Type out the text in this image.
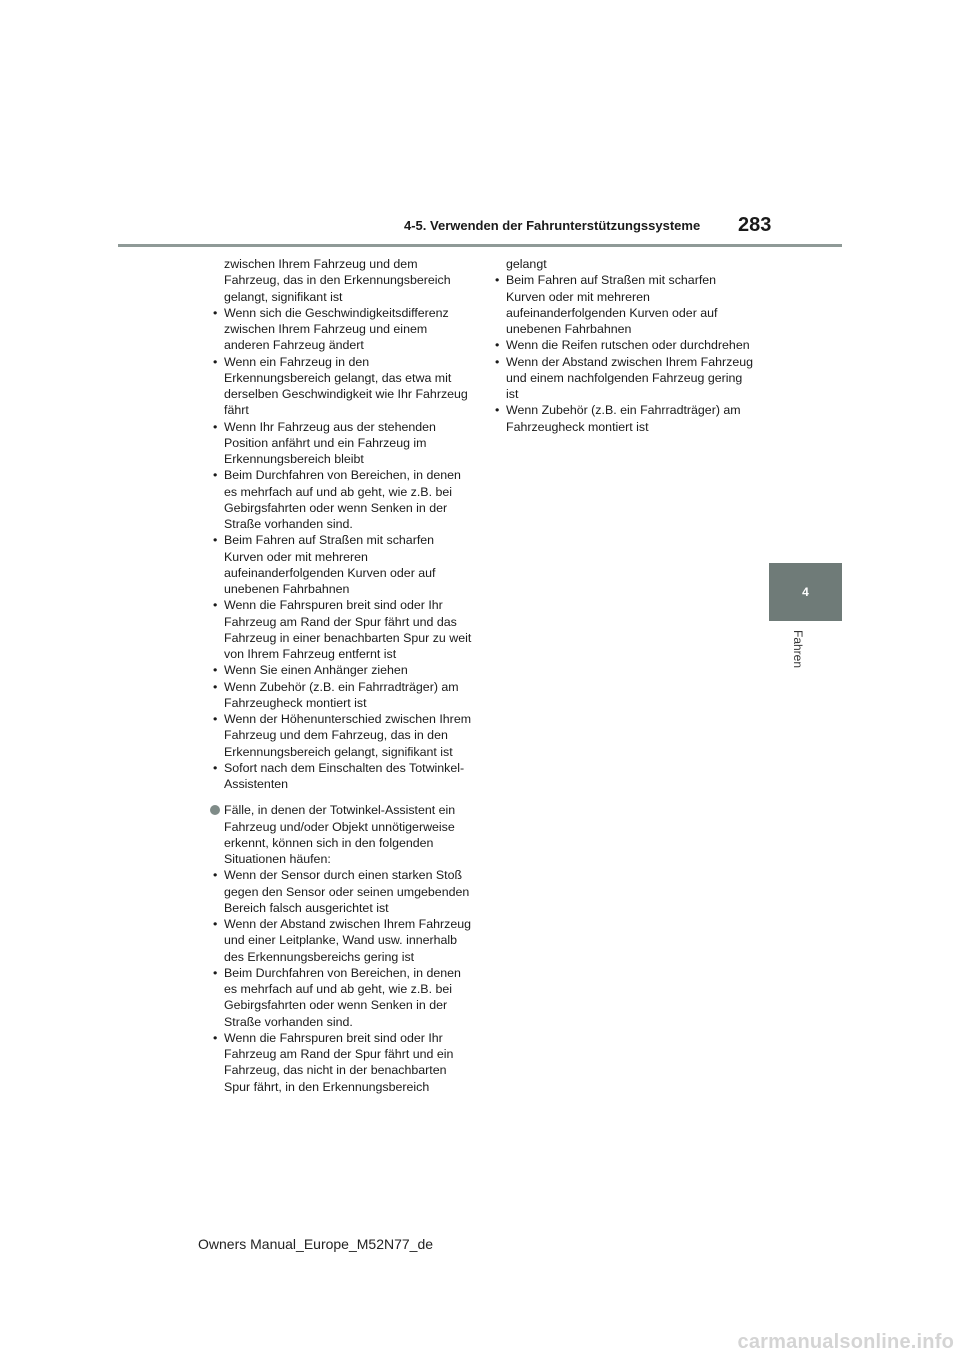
4-5. Verwenden der Fahrunterstützungssysteme 283
4
Fahren
zwischen Ihrem Fahrzeug und dem Fahrzeug, das in den Erkennungsbereich gelangt, signifikant ist
• Wenn sich die Geschwindigkeitsdifferenz zwischen Ihrem Fahrzeug und einem anderen Fahrzeug ändert
• Wenn ein Fahrzeug in den Erkennungsbereich gelangt, das etwa mit derselben Geschwindigkeit wie Ihr Fahrzeug fährt
• Wenn Ihr Fahrzeug aus der stehenden Position anfährt und ein Fahrzeug im Erkennungsbereich bleibt
• Beim Durchfahren von Bereichen, in denen es mehrfach auf und ab geht, wie z.B. bei Gebirgsfahrten oder wenn Senken in der Straße vorhanden sind.
• Beim Fahren auf Straßen mit scharfen Kurven oder mit mehreren aufeinanderfolgenden Kurven oder auf unebenen Fahrbahnen
• Wenn die Fahrspuren breit sind oder Ihr Fahrzeug am Rand der Spur fährt und das Fahrzeug in einer benachbarten Spur zu weit von Ihrem Fahrzeug entfernt ist
• Wenn Sie einen Anhänger ziehen
• Wenn Zubehör (z.B. ein Fahrradträger) am Fahrzeugheck montiert ist
• Wenn der Höhenunterschied zwischen Ihrem Fahrzeug und dem Fahrzeug, das in den Erkennungsbereich gelangt, signifikant ist
• Sofort nach dem Einschalten des Totwinkel-Assistenten
Fälle, in denen der Totwinkel-Assistent ein Fahrzeug und/oder Objekt unnötigerweise erkennt, können sich in den folgenden Situationen häufen:
• Wenn der Sensor durch einen starken Stoß gegen den Sensor oder seinen umgebenden Bereich falsch ausgerichtet ist
• Wenn der Abstand zwischen Ihrem Fahrzeug und einer Leitplanke, Wand usw. innerhalb des Erkennungsbereichs gering ist
• Beim Durchfahren von Bereichen, in denen es mehrfach auf und ab geht, wie z.B. bei Gebirgsfahrten oder wenn Senken in der Straße vorhanden sind.
• Wenn die Fahrspuren breit sind oder Ihr Fahrzeug am Rand der Spur fährt und ein Fahrzeug, das nicht in der benachbarten Spur fährt, in den Erkennungsbereich
gelangt
• Beim Fahren auf Straßen mit scharfen Kurven oder mit mehreren aufeinanderfolgenden Kurven oder auf unebenen Fahrbahnen
• Wenn die Reifen rutschen oder durchdrehen
• Wenn der Abstand zwischen Ihrem Fahrzeug und einem nachfolgenden Fahrzeug gering ist
• Wenn Zubehör (z.B. ein Fahrradträger) am Fahrzeugheck montiert ist
Owners Manual_Europe_M52N77_de
carmanualsonline.info
